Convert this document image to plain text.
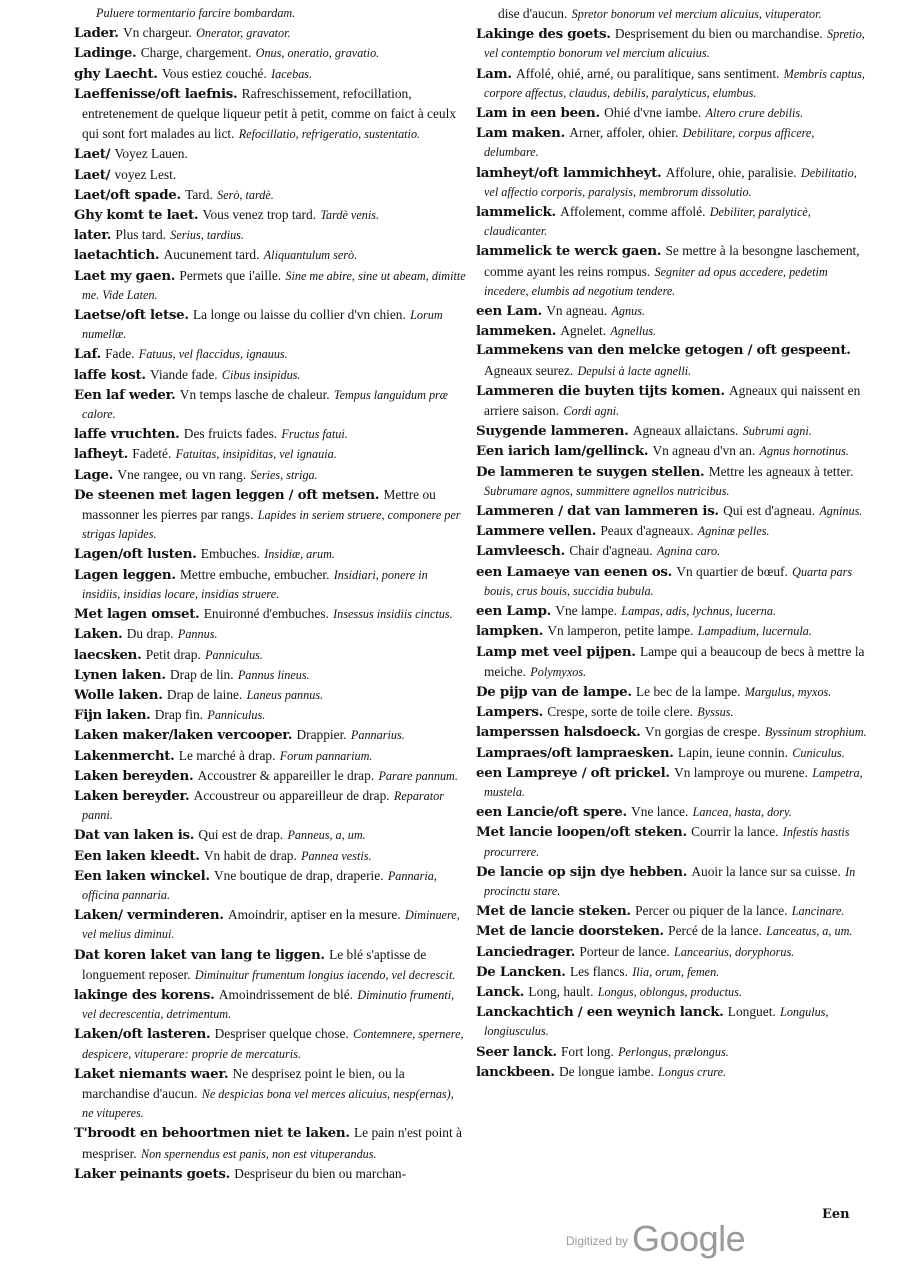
Puluere tormentario farcire bombardam.

Lader. Vn chargeur. Onerator, gravator.

Ladinge. Charge, chargement. Onus, oneratio, gravatio.

ghy Laecht. Vous estiez couché. Iacebas.

Laeffenisse/oft laefnis. Rafreschissement, refocillation, entretenement de quelque liqueur petit à petit, comme on faict à ceulx qui sont fort malades au lict. Refocillatio, refrigeratio, sustentatio.

Laet/ Voyez Lauen.

Laet/ voyez Lest.

Laet/oft spade. Tard. Serò, tardè.

Ghy komt te laet. Vous venez trop tard. Tardè venis.

later. Plus tard. Serius, tardius.

laetachtich. Aucunement tard. Aliquantulum serò.

Laet my gaen. Permets que i'aille. Sine me abire, sine ut abeam, dimitte me. Vide Laten.

Laetse/oft letse. La longe ou laisse du collier d'vn chien. Lorum numellæ.

Laf. Fade. Fatuus, vel flaccidus, ignauus.

laffe kost. Viande fade. Cibus insipidus.

Een laf weder. Vn temps lasche de chaleur. Tempus languidum præ calore.

laffe vruchten. Des fruicts fades. Fructus fatui.

lafheyt. Fadeté. Fatuitas, insipiditas, vel ignauia.

Lage. Vne rangee, ou vn rang. Series, striga.

De steenen met lagen leggen / oft metsen. Mettre ou massonner les pierres par rangs. Lapides in seriem struere, componere per strigas lapides.

Lagen/oft lusten. Embuches. Insidiæ, arum.

Lagen leggen. Mettre embuche, embucher. Insidiari, ponere in insidiis, insidias locare, insidias struere.

Met lagen omset. Enuironné d'embuches. Insessus insidiis cinctus.

Laken. Du drap. Pannus.

laecsken. Petit drap. Panniculus.

Lynen laken. Drap de lin. Pannus lineus.

Wolle laken. Drap de laine. Laneus pannus.

Fijn laken. Drap fin. Panniculus.

Laken maker/laken vercooper. Drappier. Pannarius.

Lakenmercht. Le marché à drap. Forum pannarium.

Laken bereyden. Accoustrer & appareiller le drap. Parare pannum.

Laken bereyder. Accoustreur ou appareilleur de drap. Reparator panni.

Dat van laken is. Qui est de drap. Panneus, a, um.

Een laken kleedt. Vn habit de drap. Pannea vestis.

Een laken winckel. Vne boutique de drap, draperie. Pannaria, officina pannaria.

Laken/ verminderen. Amoindrir, aptiser en la mesure. Diminuere, vel melius diminui.

Dat koren laket van lang te liggen. Le blé s'aptisse de longuement reposer. Diminuitur frumentum longius iacendo, vel decrescit.

lakinge des korens. Amoindrissement de blé. Diminutio frumenti, vel decrescentia, detrimentum.

Laken/oft lasteren. Despriser quelque chose. Contemnere, spernere, despicere, vituperare: proprie de mercaturis.

Laket niemants waer. Ne desprisez point le bien, ou la marchandise d'aucun. Ne despicias bona vel merces alicuius, nesp(ernas), ne vituperes.

T'broodt en behoortmen niet te laken. Le pain n'est point à mespriser. Non spernendus est panis, non est vituperandus.

Laker peinants goets. Despriseur du bien ou marchan-

dise d'aucun. Spretor bonorum vel mercium alicuius, vituperator.

Lakinge des goets. Desprisement du bien ou marchandise. Spretio, vel contemptio bonorum vel mercium alicuius.

Lam. Affolé, ohié, arné, ou paralitique, sans sentiment. Membris captus, corpore affectus, claudus, debilis, paralyticus, elumbus.

Lam in een been. Ohié d'vne iambe. Altero crure debilis.

Lam maken. Arner, affoler, ohier. Debilitare, corpus afficere, delumbare.

lamheyt/oft lammichheyt. Affolure, ohie, paralisie. Debilitatio, vel affectio corporis, paralysis, membrorum dissolutio.

lammelick. Affolement, comme affolé. Debiliter, paralyticè, claudicanter.

lammelick te werck gaen. Se mettre à la besongne laschement, comme ayant les reins rompus. Segniter ad opus accedere, pedetim incedere, elumbis ad negotium tendere.

een Lam. Vn agneau. Agnus.

lammeken. Agnelet. Agnellus.

Lammekens van den melcke getogen / oft gespeent. Agneaux seurez. Depulsi à lacte agnelli.

Lammeren die buyten tijts komen. Agneaux qui naissent en arriere saison. Cordi agni.

Suygende lammeren. Agneaux allaictans. Subrumi agni.

Een iarich lam/gellinck. Vn agneau d'vn an. Agnus hornotinus.

De lammeren te suygen stellen. Mettre les agneaux à tetter. Subrumare agnos, summittere agnellos nutricibus.

Lammeren / dat van lammeren is. Qui est d'agneau. Agninus.

Lammere vellen. Peaux d'agneaux. Agninæ pelles.

Lamvleesch. Chair d'agneau. Agnina caro.

een Lamaeye van eenen os. Vn quartier de bœuf. Quarta pars bouis, crus bouis, succidia bubula.

een Lamp. Vne lampe. Lampas, adis, lychnus, lucerna.

lampken. Vn lamperon, petite lampe. Lampadium, lucernula.

Lamp met veel pijpen. Lampe qui a beaucoup de becs à mettre la meiche. Polymyxos.

De pijp van de lampe. Le bec de la lampe. Margulus, myxos.

Lampers. Crespe, sorte de toile clere. Byssus.

lamperssen halsdoeck. Vn gorgias de crespe. Byssinum strophium.

Lampraes/oft lampraesken. Lapin, ieune connin. Cuniculus.

een Lampreye / oft prickel. Vn lamproye ou murene. Lampetra, mustela.

een Lancie/oft spere. Vne lance. Lancea, hasta, dory.

Met lancie loopen/oft steken. Courrir la lance. Infestis hastis procurrere.

De lancie op sijn dye hebben. Auoir la lance sur sa cuisse. In procinctu stare.

Met de lancie steken. Percer ou piquer de la lance. Lancinare.

Met de lancie doorsteken. Percé de la lance. Lanceatus, a, um.

Lanciedrager. Porteur de lance. Lancearius, doryphorus.

De Lancken. Les flancs. Ilia, orum, femen.

Lanck. Long, hault. Longus, oblongus, productus.

Lanckachtich / een weynich lanck. Longuet. Longulus, longiusculus.

Seer lanck. Fort long. Perlongus, prælongus.

lanckbeen. De longue iambe. Longus crure.

Een
$^{Digitized by}$ Google
